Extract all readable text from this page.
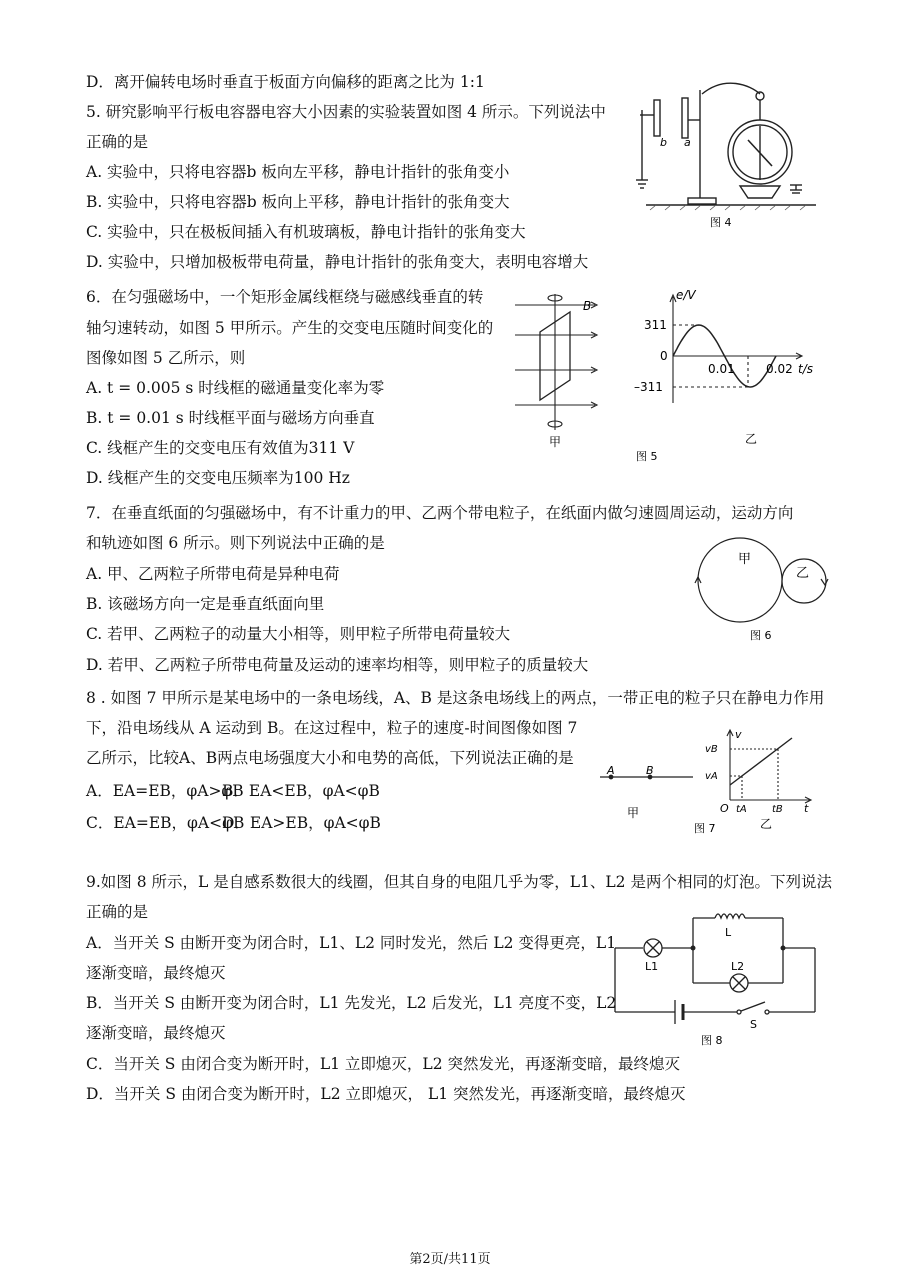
D．离开偏转电场时垂直于板面方向偏移的距离之比为 1:1
5. 研究影响平行板电容器电容大小因素的实验装置如图 4 所示。下列说法中
正确的是
A. 实验中，只将电容器b 板向左平移，静电计指针的张角变小
B. 实验中，只将电容器b 板向上平移，静电计指针的张角变大
C. 实验中，只在极板间插入有机玻璃板，静电计指针的张角变大
D. 实验中，只增加极板带电荷量，静电计指针的张角变大，表明电容增大
b a
图 4
6．在匀强磁场中，一个矩形金属线框绕与磁感线垂直的转
轴匀速转动，如图 5 甲所示。产生的交变电压随时间变化的
图像如图 5 乙所示，则
A. t = 0.005 s 时线框的磁通量变化率为零
B. t = 0.01 s 时线框平面与磁场方向垂直
C. 线框产生的交变电压有效值为311 V
D. 线框产生的交变电压频率为100 Hz
B
甲
e/V
311
0
–311
0.01	0.02 t/s
乙
图 5
7．在垂直纸面的匀强磁场中，有不计重力的甲、乙两个带电粒子，在纸面内做匀速圆周运动，运动方向
和轨迹如图 6 所示。则下列说法中正确的是
A. 甲、乙两粒子所带电荷是异种电荷
B. 该磁场方向一定是垂直纸面向里
C. 若甲、乙两粒子的动量大小相等，则甲粒子所带电荷量较大
D. 若甲、乙两粒子所带电荷量及运动的速率均相等，则甲粒子的质量较大
甲
乙
图 6
8 . 如图 7 甲所示是某电场中的一条电场线，A、B 是这条电场线上的两点，一带正电的粒子只在静电力作用
下，沿电场线从 A 运动到 B。在这过程中，粒子的速度-时间图像如图 7
乙所示，比较A、B两点电场强度大小和电势的高低，下列说法正确的是
A．EA=EB，φA>φB
B．EA<EB，φA<φB
C．EA=EB，φA<φB
D．EA>EB，φA<φB
A	B
甲
v
vB
vA
O tA	tB t
乙
图 7
9.如图 8 所示，L 是自感系数很大的线圈，但其自身的电阻几乎为零，L1、L2 是两个相同的灯泡。下列说法
正确的是
A．当开关 S 由断开变为闭合时，L1、L2 同时发光，然后 L2 变得更亮，L1
逐渐变暗，最终熄灭
B．当开关 S 由断开变为闭合时，L1 先发光，L2 后发光，L1 亮度不变，L2
逐渐变暗，最终熄灭
C．当开关 S 由闭合变为断开时，L1 立即熄灭，L2 突然发光，再逐渐变暗，最终熄灭
D．当开关 S 由闭合变为断开时，L2 立即熄灭， L1 突然发光，再逐渐变暗，最终熄灭
L
L1	L2
S
图 8
第2页/共11页
